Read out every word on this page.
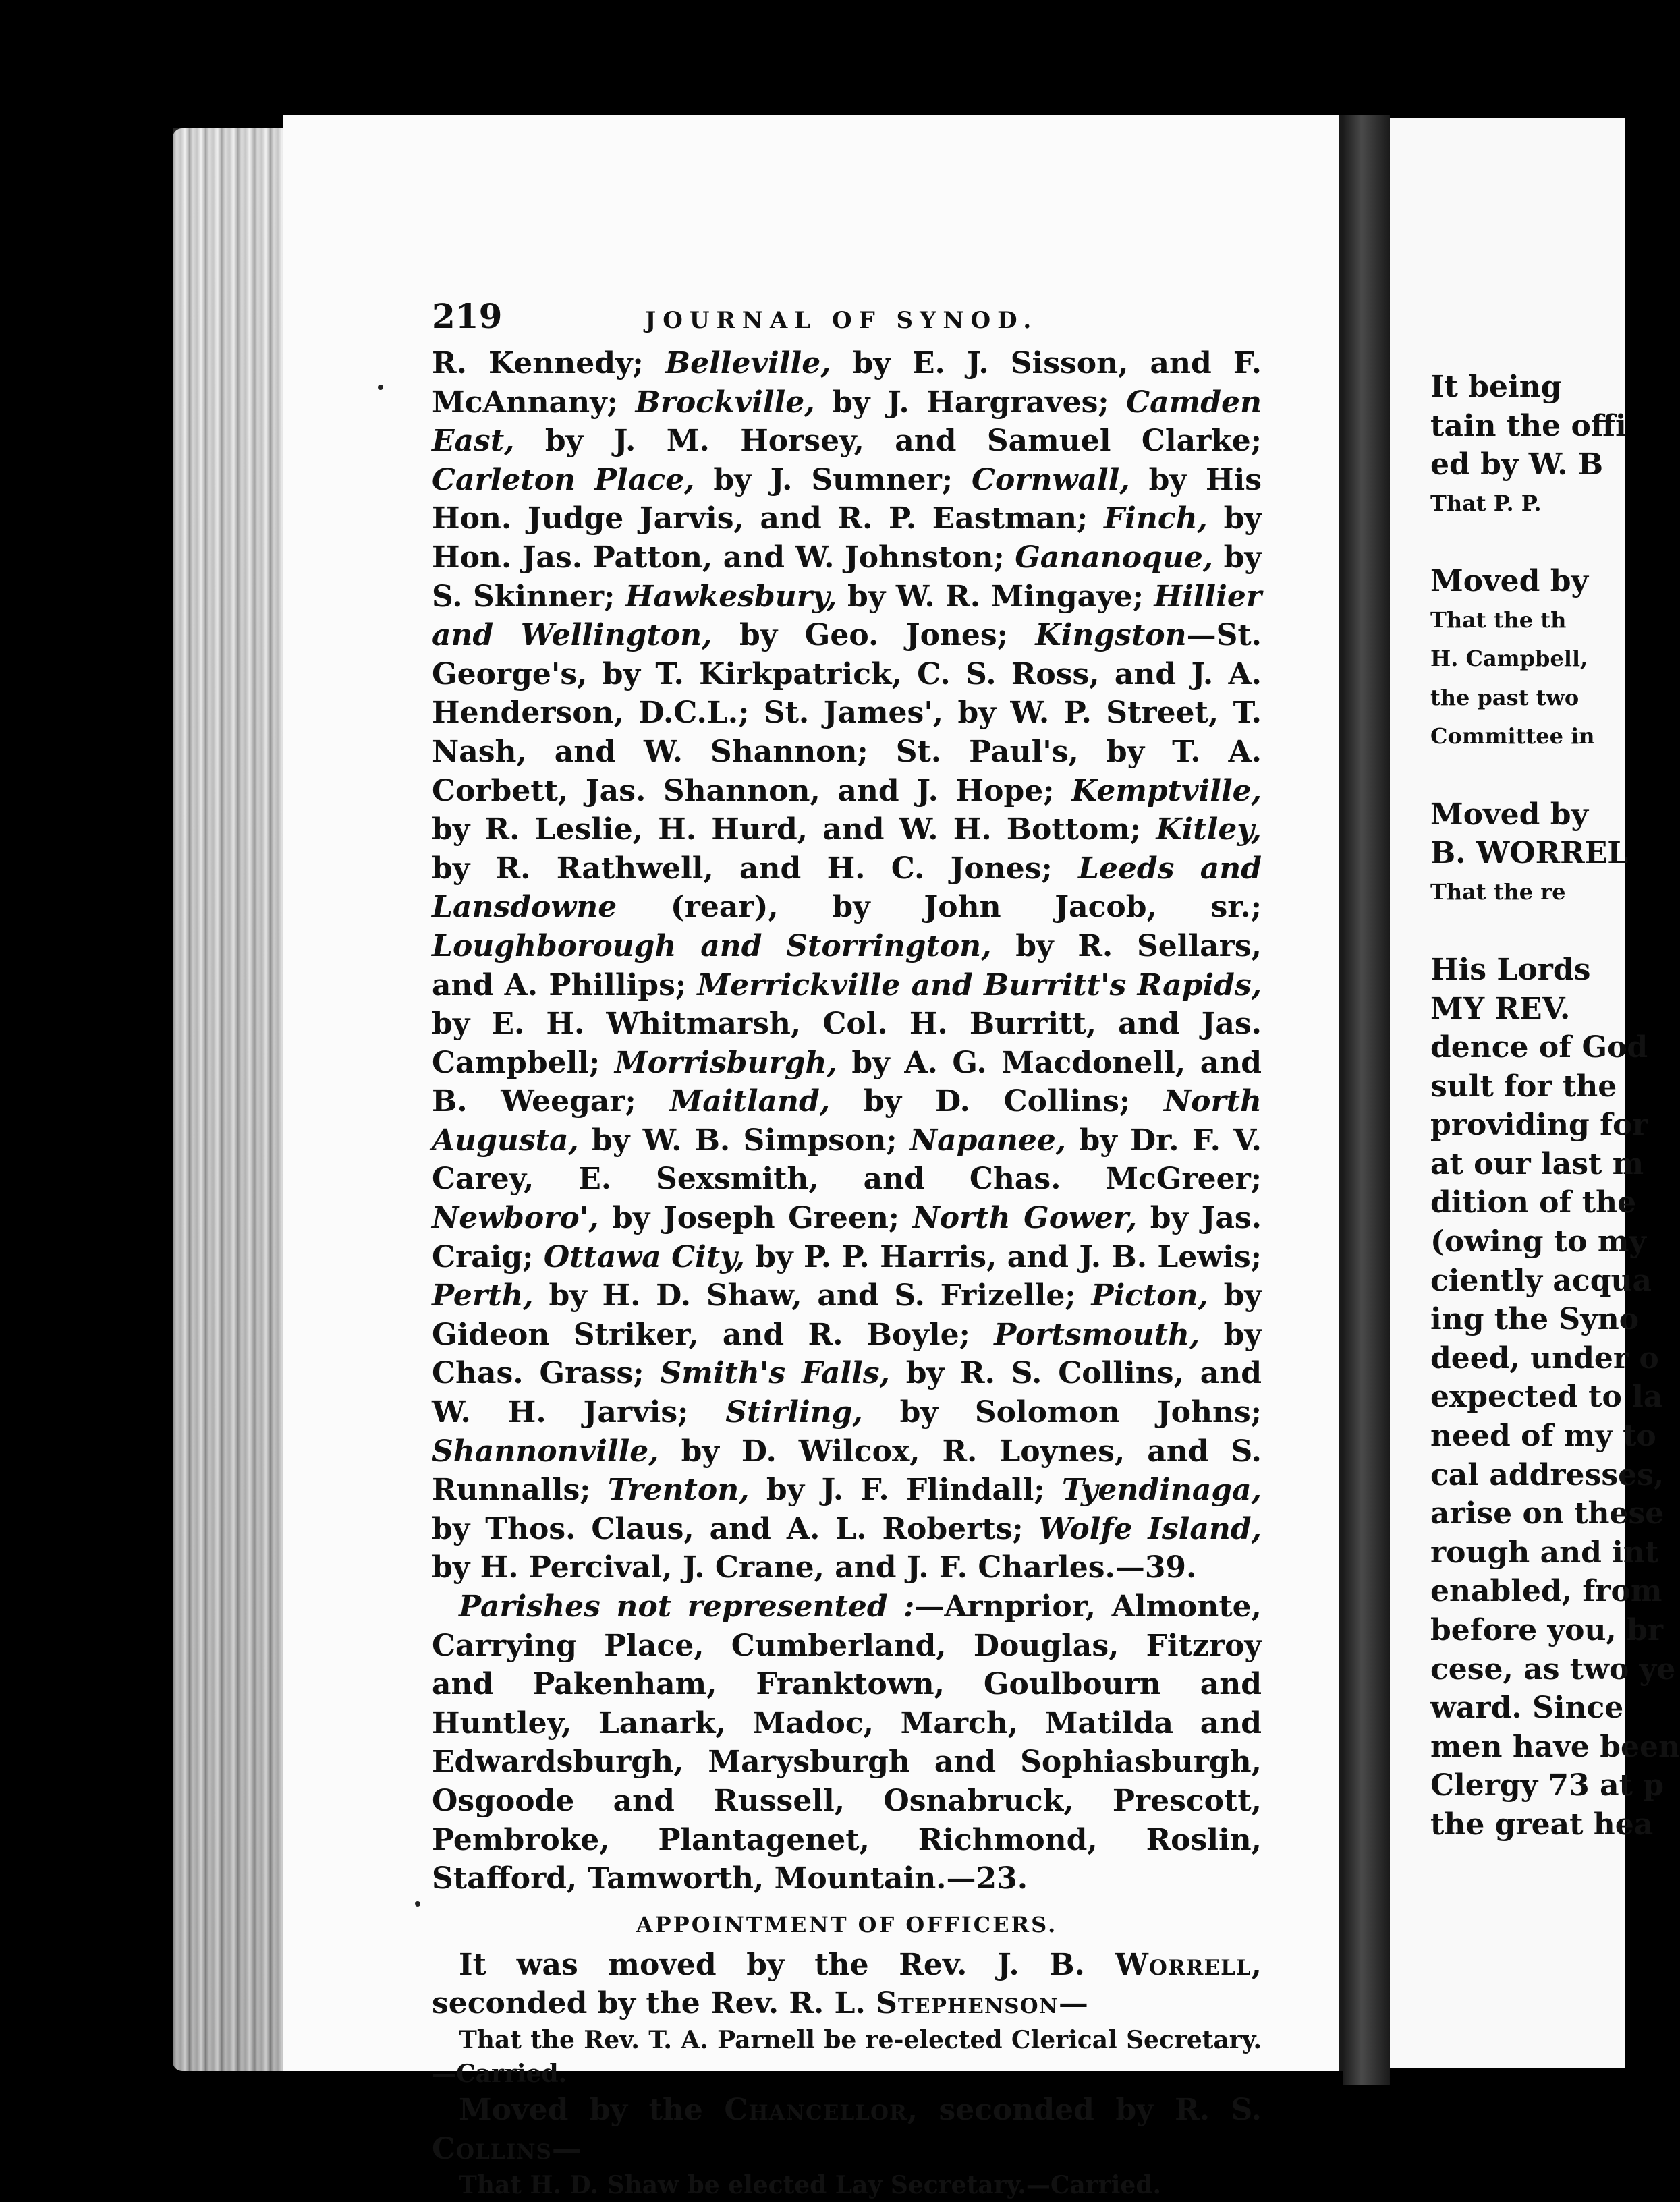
219	JOURNAL OF SYNOD.

R. Kennedy; Belleville, by E. J. Sisson, and F. McAnnany; Brockville, by J. Hargraves; Camden East, by J. M. Horsey, and Samuel Clarke; Carleton Place, by J. Sumner; Cornwall, by His Hon. Judge Jarvis, and R. P. Eastman; Finch, by Hon. Jas. Patton, and W. Johnston; Gananoque, by S. Skinner; Hawkesbury, by W. R. Mingaye; Hillier and Wellington, by Geo. Jones; Kingston—St. George's, by T. Kirkpatrick, C. S. Ross, and J. A. Henderson, D.C.L.; St. James', by W. P. Street, T. Nash, and W. Shannon; St. Paul's, by T. A. Corbett, Jas. Shannon, and J. Hope; Kemptville, by R. Leslie, H. Hurd, and W. H. Bottom; Kitley, by R. Rathwell, and H. C. Jones; Leeds and Lansdowne (rear), by John Jacob, sr.; Loughborough and Storrington, by R. Sellars, and A. Phillips; Merrickville and Burritt's Rapids, by E. H. Whitmarsh, Col. H. Burritt, and Jas. Campbell; Morrisburgh, by A. G. Macdonell, and B. Weegar; Maitland, by D. Collins; North Augusta, by W. B. Simpson; Napanee, by Dr. F. V. Carey, E. Sexsmith, and Chas. McGreer; Newboro', by Joseph Green; North Gower, by Jas. Craig; Ottawa City, by P. P. Harris, and J. B. Lewis; Perth, by H. D. Shaw, and S. Frizelle; Picton, by Gideon Striker, and R. Boyle; Portsmouth, by Chas. Grass; Smith's Falls, by R. S. Collins, and W. H. Jarvis; Stirling, by Solomon Johns; Shannonville, by D. Wilcox, R. Loynes, and S. Runnalls; Trenton, by J. F. Flindall; Tyendinaga, by Thos. Claus, and A. L. Roberts; Wolfe Island, by H. Percival, J. Crane, and J. F. Charles.—39.

Parishes not represented :—Arnprior, Almonte, Carrying Place, Cumberland, Douglas, Fitzroy and Pakenham, Franktown, Goulbourn and Huntley, Lanark, Madoc, March, Matilda and Edwardsburgh, Marysburgh and Sophiasburgh, Osgoode and Russell, Osnabruck, Prescott, Pembroke, Plantagenet, Richmond, Roslin, Stafford, Tamworth, Mountain.—23.

APPOINTMENT OF OFFICERS.

It was moved by the Rev. J. B. Worrell, seconded by the Rev. R. L. Stephenson—

That the Rev. T. A. Parnell be re-elected Clerical Secretary.—Carried.

Moved by the Chancellor, seconded by R. S. Collins—

That H. D. Shaw be elected Lay Secretary.—Carried.

It being
tain the offi
ed by W. B
That P. P.
Moved by
That the th
H. Campbell,
the past two
Committee in
Moved by
B. WORREL
That the re
His Lords
MY REV.
dence of God
sult for the
providing for
at our last m
dition of the
(owing to my
ciently acqua
ing the Syno
deed, under o
expected to la
need of my to
cal addresses,
arise on these
rough and int
enabled, from
before you, br
cese, as two ye
ward. Since
men have been
Clergy 73 at p
the great hea
